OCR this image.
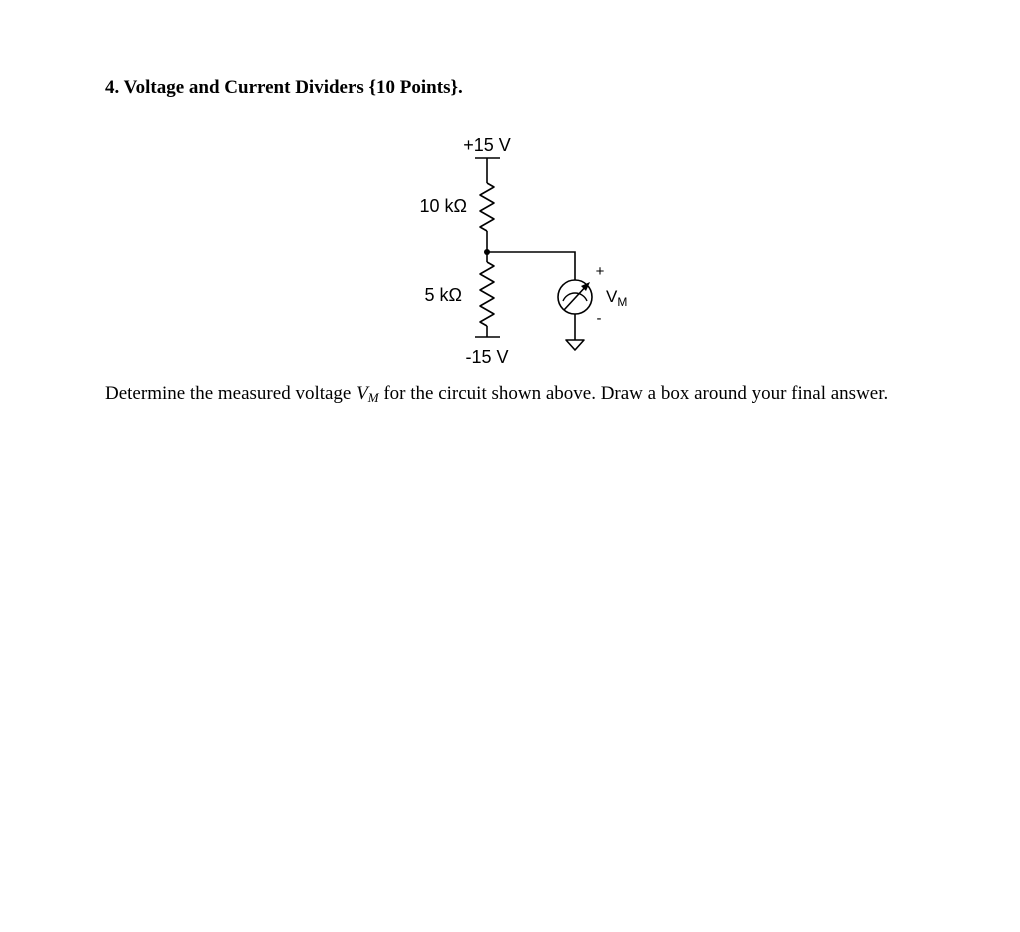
4. Voltage and Current Dividers {10 Points}.
+15 V
10 kΩ
5 kΩ
-15 V
+
-
$V_M$
Determine the measured voltage $V_M$ for the circuit shown above. Draw a box around your final answer.
